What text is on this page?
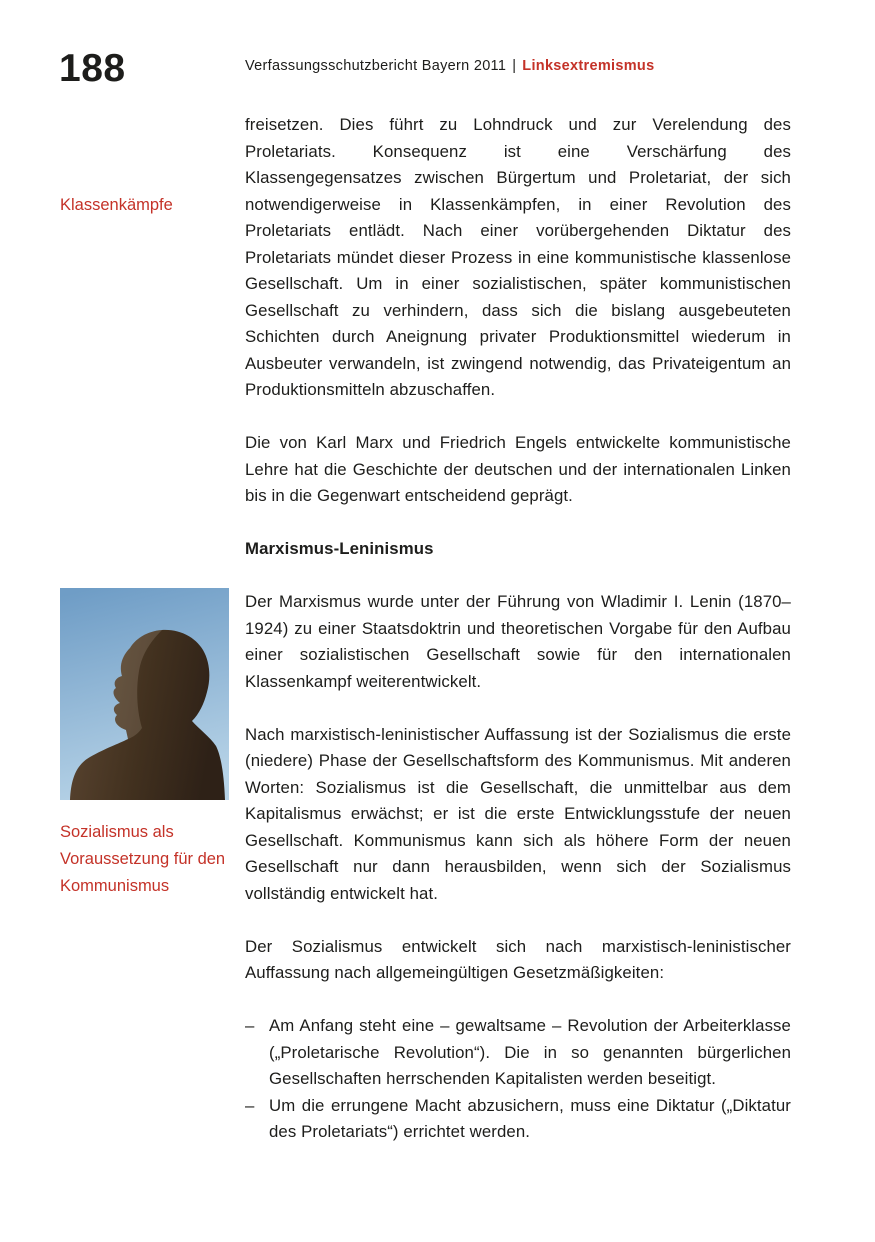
188	Verfassungsschutzbericht Bayern 2011 | Linksextremismus
Klassenkämpfe
Sozialismus als Voraussetzung für den Kommunismus

freisetzen. Dies führt zu Lohndruck und zur Verelendung des Proletariats. Konsequenz ist eine Verschärfung des Klassengegensatzes zwischen Bürgertum und Proletariat, der sich notwendigerweise in Klassenkämpfen, in einer Revolution des Proletariats entlädt. Nach einer vorübergehenden Diktatur des Proletariats mündet dieser Prozess in eine kommunistische klassenlose Gesellschaft. Um in einer sozialistischen, später kommunistischen Gesellschaft zu verhindern, dass sich die bislang ausgebeuteten Schichten durch Aneignung privater Produktionsmittel wiederum in Ausbeuter verwandeln, ist zwingend notwendig, das Privateigentum an Produktionsmitteln abzuschaffen.

Die von Karl Marx und Friedrich Engels entwickelte kommunistische Lehre hat die Geschichte der deutschen und der internationalen Linken bis in die Gegenwart entscheidend geprägt.

Marxismus-Leninismus

Der Marxismus wurde unter der Führung von Wladimir I. Lenin (1870–1924) zu einer Staatsdoktrin und theoretischen Vorgabe für den Aufbau einer sozialistischen Gesellschaft sowie für den internationalen Klassenkampf weiterentwickelt.

Nach marxistisch-leninistischer Auffassung ist der Sozialismus die erste (niedere) Phase der Gesellschaftsform des Kommunismus. Mit anderen Worten: Sozialismus ist die Gesellschaft, die unmittelbar aus dem Kapitalismus erwächst; er ist die erste Entwicklungsstufe der neuen Gesellschaft. Kommunismus kann sich als höhere Form der neuen Gesellschaft nur dann herausbilden, wenn sich der Sozialismus vollständig entwickelt hat.

Der Sozialismus entwickelt sich nach marxistisch-leninistischer Auffassung nach allgemeingültigen Gesetzmäßigkeiten:

– Am Anfang steht eine – gewaltsame – Revolution der Arbeiterklasse („Proletarische Revolution“). Die in so genannten bürgerlichen Gesellschaften herrschenden Kapitalisten werden beseitigt.
– Um die errungene Macht abzusichern, muss eine Diktatur („Diktatur des Proletariats“) errichtet werden.
